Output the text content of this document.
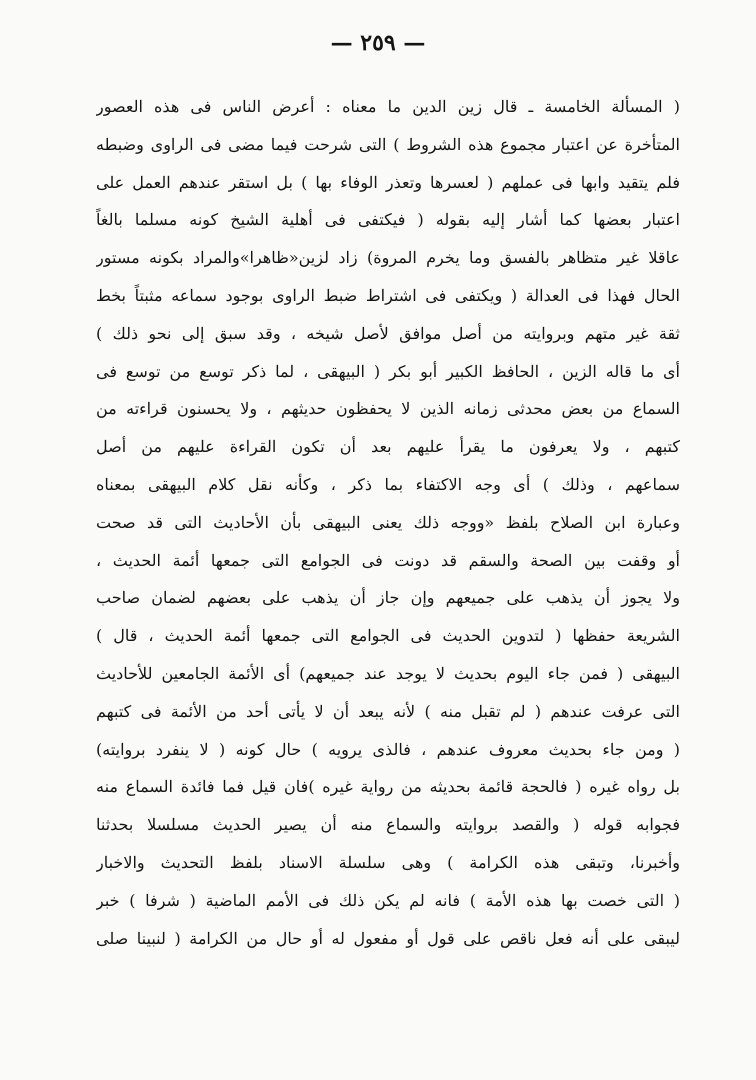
— ٢٥٩ —
( المسألة الخامسة ـ قال زين الدين ما معناه : أعرض الناس فى هذه العصور
المتأخرة عن اعتبار مجموع هذه الشروط ) التى شرحت فيما مضى فى الراوى وضبطه
فلم يتقيد وابها فى عملهم ( لعسرها وتعذر الوفاء بها ) بل استقر عندهم العمل على
اعتبار بعضها كما أشار إليه بقوله ( فيكتفى فى أهلية الشيخ كونه مسلما بالغاً
عاقلا غير متظاهر بالفسق وما يخرم المروة) زاد لزين«ظاهرا»والمراد بكونه مستور
الحال فهذا فى العدالة ( ويكتفى فى اشتراط ضبط الراوى بوجود سماعه مثبتاً بخط
ثقة غير متهم وبروايته من أصل موافق لأصل شيخه ، وقد سبق إلى نحو ذلك )
أى ما قاله الزين ، الحافظ الكبير أبو بكر ( البيهقى ، لما ذكر توسع من توسع فى
السماع من بعض محدثى زمانه الذين لا يحفظون حديثهم ، ولا يحسنون قراءته من
كتبهم ، ولا يعرفون ما يقرأ عليهم بعد أن تكون القراءة عليهم من أصل
سماعهم ، وذلك ) أى وجه الاكتفاء بما ذكر ، وكأنه نقل كلام البيهقى بمعناه
وعبارة ابن الصلاح بلفظ «ووجه ذلك يعنى البيهقى بأن الأحاديث التى قد صحت
أو وقفت بين الصحة والسقم قد دونت فى الجوامع التى جمعها أئمة الحديث ،
ولا يجوز أن يذهب على جميعهم وإن جاز أن يذهب على بعضهم لضمان صاحب
الشريعة حفظها ( لتدوين الحديث فى الجوامع التى جمعها أئمة الحديث ، قال )
البيهقى ( فمن جاء اليوم بحديث لا يوجد عند جميعهم) أى الأئمة الجامعين للأحاديث
التى عرفت عندهم ( لم تقبل منه ) لأنه يبعد أن لا يأتى أحد من الأئمة فى كتبهم
( ومن جاء بحديث معروف عندهم ، فالذى يرويه ) حال كونه ( لا ينفرد بروايته)
بل رواه غيره ( فالحجة قائمة بحديثه من رواية غيره )فان قيل فما فائدة السماع منه
فجوابه قوله ( والقصد بروايته والسماع منه أن يصير الحديث مسلسلا بحدثنا
وأخبرنا، وتبقى هذه الكرامة ) وهى سلسلة الاسناد بلفظ التحديث والاخبار
( التى خصت بها هذه الأمة ) فانه لم يكن ذلك فى الأمم الماضية ( شرفا ) خبر
ليبقى على أنه فعل ناقص على قول أو مفعول له أو حال من الكرامة ( لنبينا صلى
